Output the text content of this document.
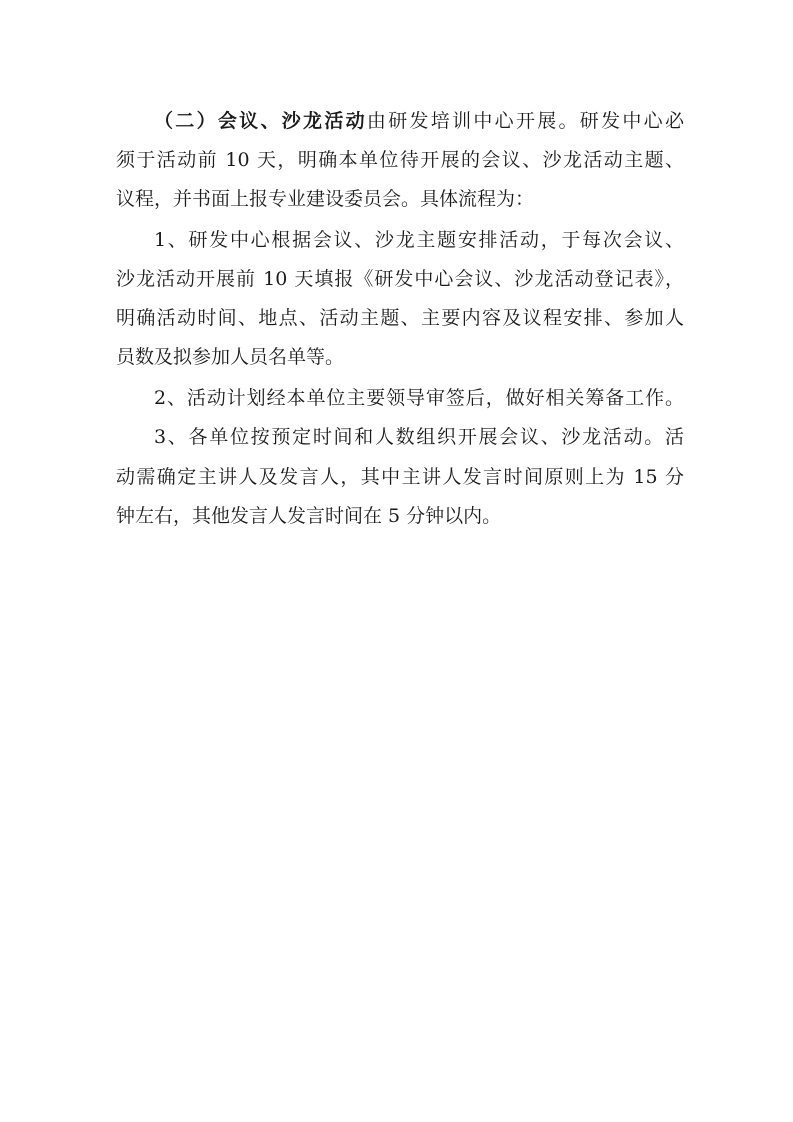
（二）会议、沙龙活动由研发培训中心开展。研发中心必
须于活动前 10 天，明确本单位待开展的会议、沙龙活动主题、
议程，并书面上报专业建设委员会。具体流程为：
1、研发中心根据会议、沙龙主题安排活动，于每次会议、
沙龙活动开展前 10 天填报《研发中心会议、沙龙活动登记表》，
明确活动时间、地点、活动主题、主要内容及议程安排、参加人
员数及拟参加人员名单等。
2、活动计划经本单位主要领导审签后，做好相关筹备工作。
3、各单位按预定时间和人数组织开展会议、沙龙活动。活
动需确定主讲人及发言人，其中主讲人发言时间原则上为 15 分
钟左右，其他发言人发言时间在 5 分钟以内。
